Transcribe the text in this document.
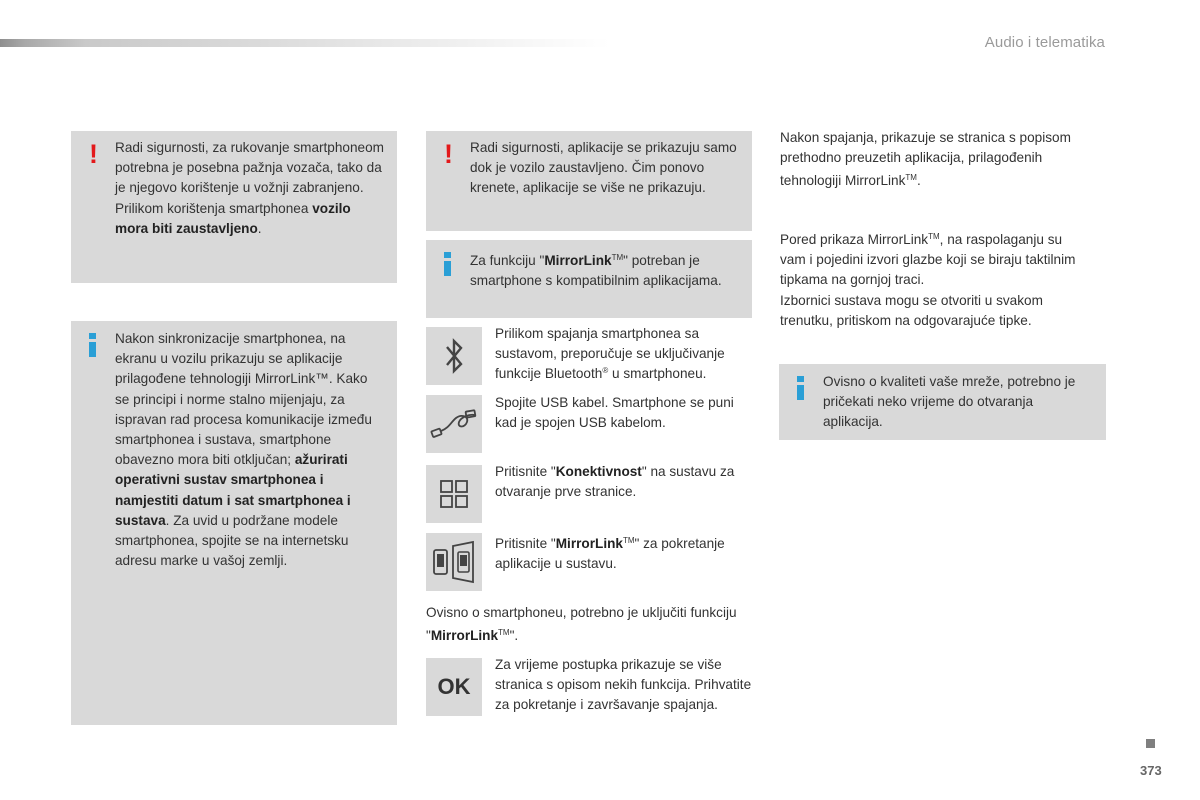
Audio i telematika
! Radi sigurnosti, za rukovanje smartphoneom potrebna je posebna pažnja vozača, tako da je njegovo korištenje u vožnji zabranjeno. Prilikom korištenja smartphonea vozilo mora biti zaustavljeno.

Nakon sinkronizacije smartphonea, na ekranu u vozilu prikazuju se aplikacije prilagođene tehnologiji MirrorLink™. Kako se principi i norme stalno mijenjaju, za ispravan rad procesa komunikacije između smartphonea i sustava, smartphone obavezno mora biti otključan; ažurirati operativni sustav smartphonea i namjestiti datum i sat smartphonea i sustava. Za uvid u podržane modele smartphonea, spojite se na internetsku adresu marke u vašoj zemlji.

! Radi sigurnosti, aplikacije se prikazuju samo dok je vozilo zaustavljeno. Čim ponovo krenete, aplikacije se više ne prikazuju.

Za funkciju "MirrorLink™" potreban je smartphone s kompatibilnim aplikacijama.

Prilikom spajanja smartphonea sa sustavom, preporučuje se uključivanje funkcije Bluetooth® u smartphoneu.
Spojite USB kabel. Smartphone se puni kad je spojen USB kabelom.
Pritisnite "Konektivnost" na sustavu za otvaranje prve stranice.
Pritisnite "MirrorLink™" za pokretanje aplikacije u sustavu.
Ovisno o smartphoneu, potrebno je uključiti funkciju "MirrorLink™".
OK
Za vrijeme postupka prikazuje se više stranica s opisom nekih funkcija. Prihvatite za pokretanje i završavanje spajanja.
Nakon spajanja, prikazuje se stranica s popisom prethodno preuzetih aplikacija, prilagođenih tehnologiji MirrorLink™.
Pored prikaza MirrorLink™, na raspolaganju su vam i pojedini izvori glazbe koji se biraju taktilnim tipkama na gornjoj traci.
Izbornici sustava mogu se otvoriti u svakom trenutku, pritiskom na odgovarajuće tipke.

Ovisno o kvaliteti vaše mreže, potrebno je pričekati neko vrijeme do otvaranja aplikacija.

373
